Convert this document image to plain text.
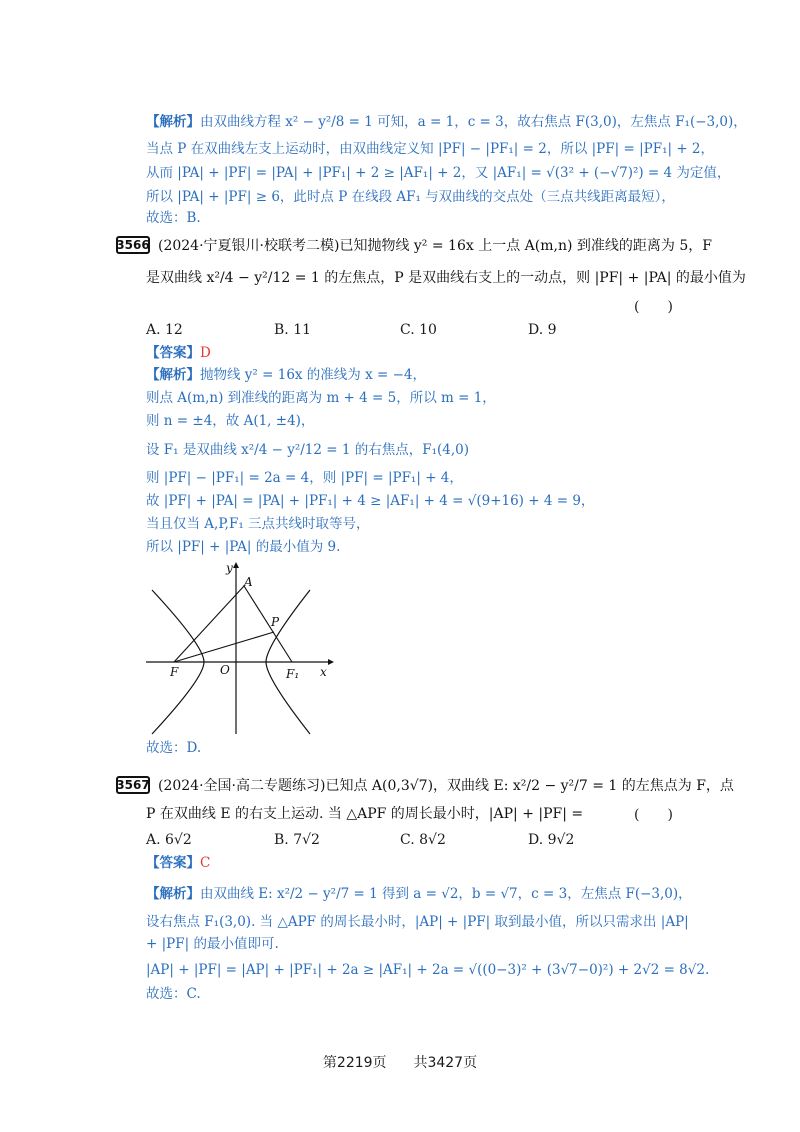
【解析】由双曲线方程 x² − y²/8 = 1 可知，a = 1，c = 3，故右焦点 F(3,0)，左焦点 F₁(−3,0)，
当点 P 在双曲线左支上运动时，由双曲线定义知 |PF| − |PF₁| = 2，所以 |PF| = |PF₁| + 2，
从而 |PA| + |PF| = |PA| + |PF₁| + 2 ≥ |AF₁| + 2，又 |AF₁| = √(3² + (−√7)²) = 4 为定值，
所以 |PA| + |PF| ≥ 6，此时点 P 在线段 AF₁ 与双曲线的交点处（三点共线距离最短），
故选：B.
3566 (2024·宁夏银川·校联考二模)已知抛物线 y² = 16x 上一点 A(m,n) 到准线的距离为 5，F
是双曲线 x²/4 − y²/12 = 1 的左焦点，P 是双曲线右支上的一动点，则 |PF| + |PA| 的最小值为
(　　)
A. 12	B. 11	C. 10	D. 9
【答案】D
【解析】抛物线 y² = 16x 的准线为 x = −4，
则点 A(m,n) 到准线的距离为 m + 4 = 5，所以 m = 1，
则 n = ±4，故 A(1, ±4)，
设 F₁ 是双曲线 x²/4 − y²/12 = 1 的右焦点，F₁(4,0)
则 |PF| − |PF₁| = 2a = 4，则 |PF| = |PF₁| + 4，
故 |PF| + |PA| = |PA| + |PF₁| + 4 ≥ |AF₁| + 4 = √(9+16) + 4 = 9，
当且仅当 A,P,F₁ 三点共线时取等号，
所以 |PF| + |PA| 的最小值为 9.
y
x
A
P
F	O	F₁
故选：D.
3567 (2024·全国·高二专题练习)已知点 A(0,3√7)，双曲线 E: x²/2 − y²/7 = 1 的左焦点为 F，点
P 在双曲线 E 的右支上运动. 当 △APF 的周长最小时，|AP| + |PF| =	(　　)
A. 6√2	B. 7√2	C. 8√2	D. 9√2
【答案】C
【解析】由双曲线 E: x²/2 − y²/7 = 1 得到 a = √2，b = √7，c = 3，左焦点 F(−3,0)，
设右焦点 F₁(3,0). 当 △APF 的周长最小时，|AP| + |PF| 取到最小值，所以只需求出 |AP|
+ |PF| 的最小值即可.
|AP| + |PF| = |AP| + |PF₁| + 2a ≥ |AF₁| + 2a = √((0−3)² + (3√7−0)²) + 2√2 = 8√2.
故选：C.
第2219页 共3427页
